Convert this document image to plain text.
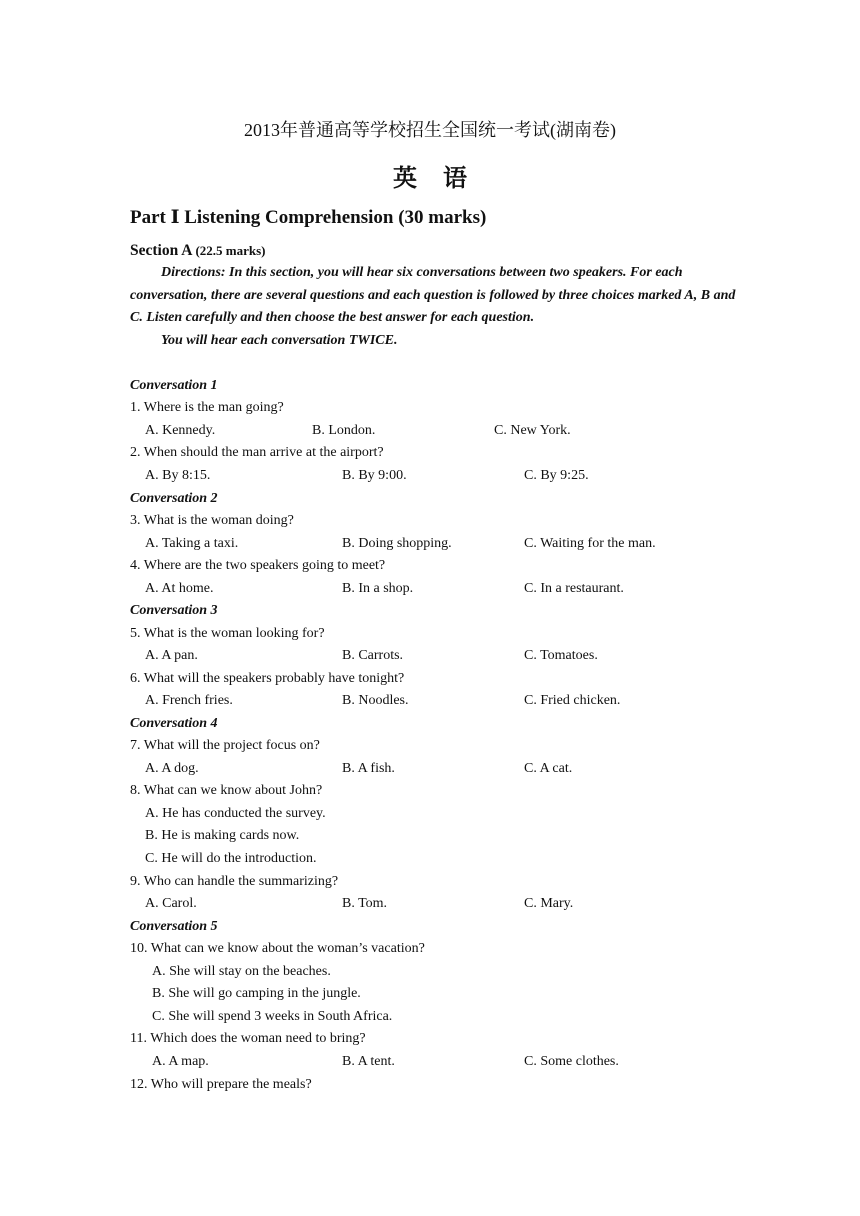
2013年普通高等学校招生全国统一考试(湖南卷)
英语
Part Ⅰ Listening Comprehension (30 marks)
Section A (22.5 marks)
Directions: In this section, you will hear six conversations between two speakers. For each conversation, there are several questions and each question is followed by three choices marked A, B and C. Listen carefully and then choose the best answer for each question.
You will hear each conversation TWICE.
Conversation 1
1. Where is the man going?
A. Kennedy.	B. London.	C. New York.
2. When should the man arrive at the airport?
A. By 8:15.	B. By 9:00.	C. By 9:25.
Conversation 2
3. What is the woman doing?
A. Taking a taxi.	B. Doing shopping.	C. Waiting for the man.
4. Where are the two speakers going to meet?
A. At home.	B. In a shop.	C. In a restaurant.
Conversation 3
5. What is the woman looking for?
A. A pan.	B. Carrots.	C. Tomatoes.
6. What will the speakers probably have tonight?
A. French fries.	B. Noodles.	C. Fried chicken.
Conversation 4
7. What will the project focus on?
A. A dog.	B. A fish.	C. A cat.
8. What can we know about John?
A. He has conducted the survey.
B. He is making cards now.
C. He will do the introduction.
9. Who can handle the summarizing?
A. Carol.	B. Tom.	C. Mary.
Conversation 5
10. What can we know about the woman’s vacation?
A. She will stay on the beaches.
B. She will go camping in the jungle.
C. She will spend 3 weeks in South Africa.
11. Which does the woman need to bring?
A. A map.	B. A tent.	C. Some clothes.
12. Who will prepare the meals?
